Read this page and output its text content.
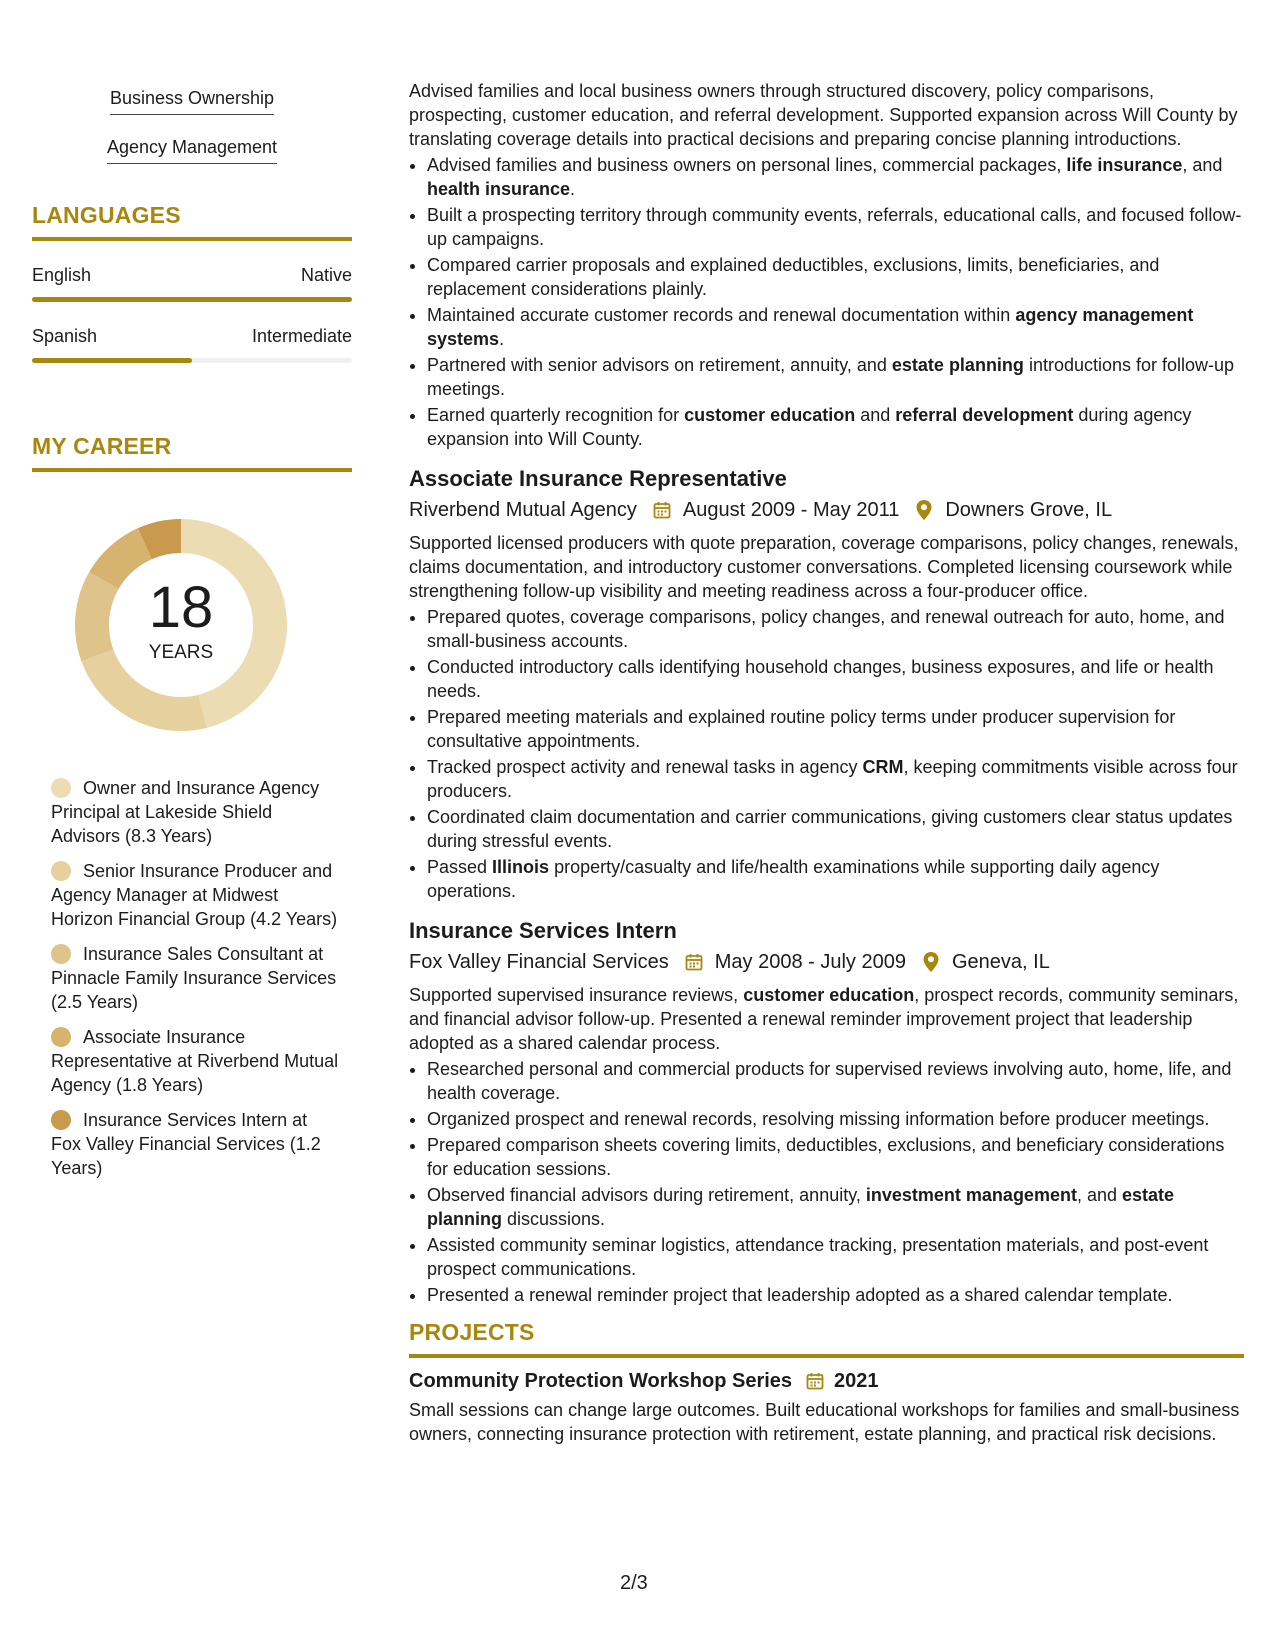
Business Ownership
Agency Management
LANGUAGES
English	Native
Spanish	Intermediate
MY CAREER
18
YEARS
Owner and Insurance Agency Principal at Lakeside Shield Advisors (8.3 Years)
Senior Insurance Producer and Agency Manager at Midwest Horizon Financial Group (4.2 Years)
Insurance Sales Consultant at Pinnacle Family Insurance Services (2.5 Years)
Associate Insurance Representative at Riverbend Mutual Agency (1.8 Years)
Insurance Services Intern at Fox Valley Financial Services (1.2 Years)

Advised families and local business owners through structured discovery, policy comparisons, prospecting, customer education, and referral development. Supported expansion across Will County by translating coverage details into practical decisions and preparing concise planning introductions.

• Advised families and business owners on personal lines, commercial packages, life insurance, and health insurance.
• Built a prospecting territory through community events, referrals, educational calls, and focused follow-up campaigns.
• Compared carrier proposals and explained deductibles, exclusions, limits, beneficiaries, and replacement considerations plainly.
• Maintained accurate customer records and renewal documentation within agency management systems.
• Partnered with senior advisors on retirement, annuity, and estate planning introductions for follow-up meetings.
• Earned quarterly recognition for customer education and referral development during agency expansion into Will County.
Associate Insurance Representative
Riverbend Mutual Agency August 2009 - May 2011 Downers Grove, IL

Supported licensed producers with quote preparation, coverage comparisons, policy changes, renewals, claims documentation, and introductory customer conversations. Completed licensing coursework while strengthening follow-up visibility and meeting readiness across a four-producer office.

• Prepared quotes, coverage comparisons, policy changes, and renewal outreach for auto, home, and small-business accounts.
• Conducted introductory calls identifying household changes, business exposures, and life or health needs.
• Prepared meeting materials and explained routine policy terms under producer supervision for consultative appointments.
• Tracked prospect activity and renewal tasks in agency CRM, keeping commitments visible across four producers.
• Coordinated claim documentation and carrier communications, giving customers clear status updates during stressful events.
• Passed Illinois property/casualty and life/health examinations while supporting daily agency operations.
Insurance Services Intern
Fox Valley Financial Services May 2008 - July 2009 Geneva, IL

Supported supervised insurance reviews, customer education, prospect records, community seminars, and financial advisor follow-up. Presented a renewal reminder improvement project that leadership adopted as a shared calendar process.

• Researched personal and commercial products for supervised reviews involving auto, home, life, and health coverage.
• Organized prospect and renewal records, resolving missing information before producer meetings.
• Prepared comparison sheets covering limits, deductibles, exclusions, and beneficiary considerations for education sessions.
• Observed financial advisors during retirement, annuity, investment management, and estate planning discussions.
• Assisted community seminar logistics, attendance tracking, presentation materials, and post-event prospect communications.
• Presented a renewal reminder project that leadership adopted as a shared calendar template.
PROJECTS
Community Protection Workshop Series 2021

Small sessions can change large outcomes. Built educational workshops for families and small-business owners, connecting insurance protection with retirement, estate planning, and practical risk decisions.

2/3
